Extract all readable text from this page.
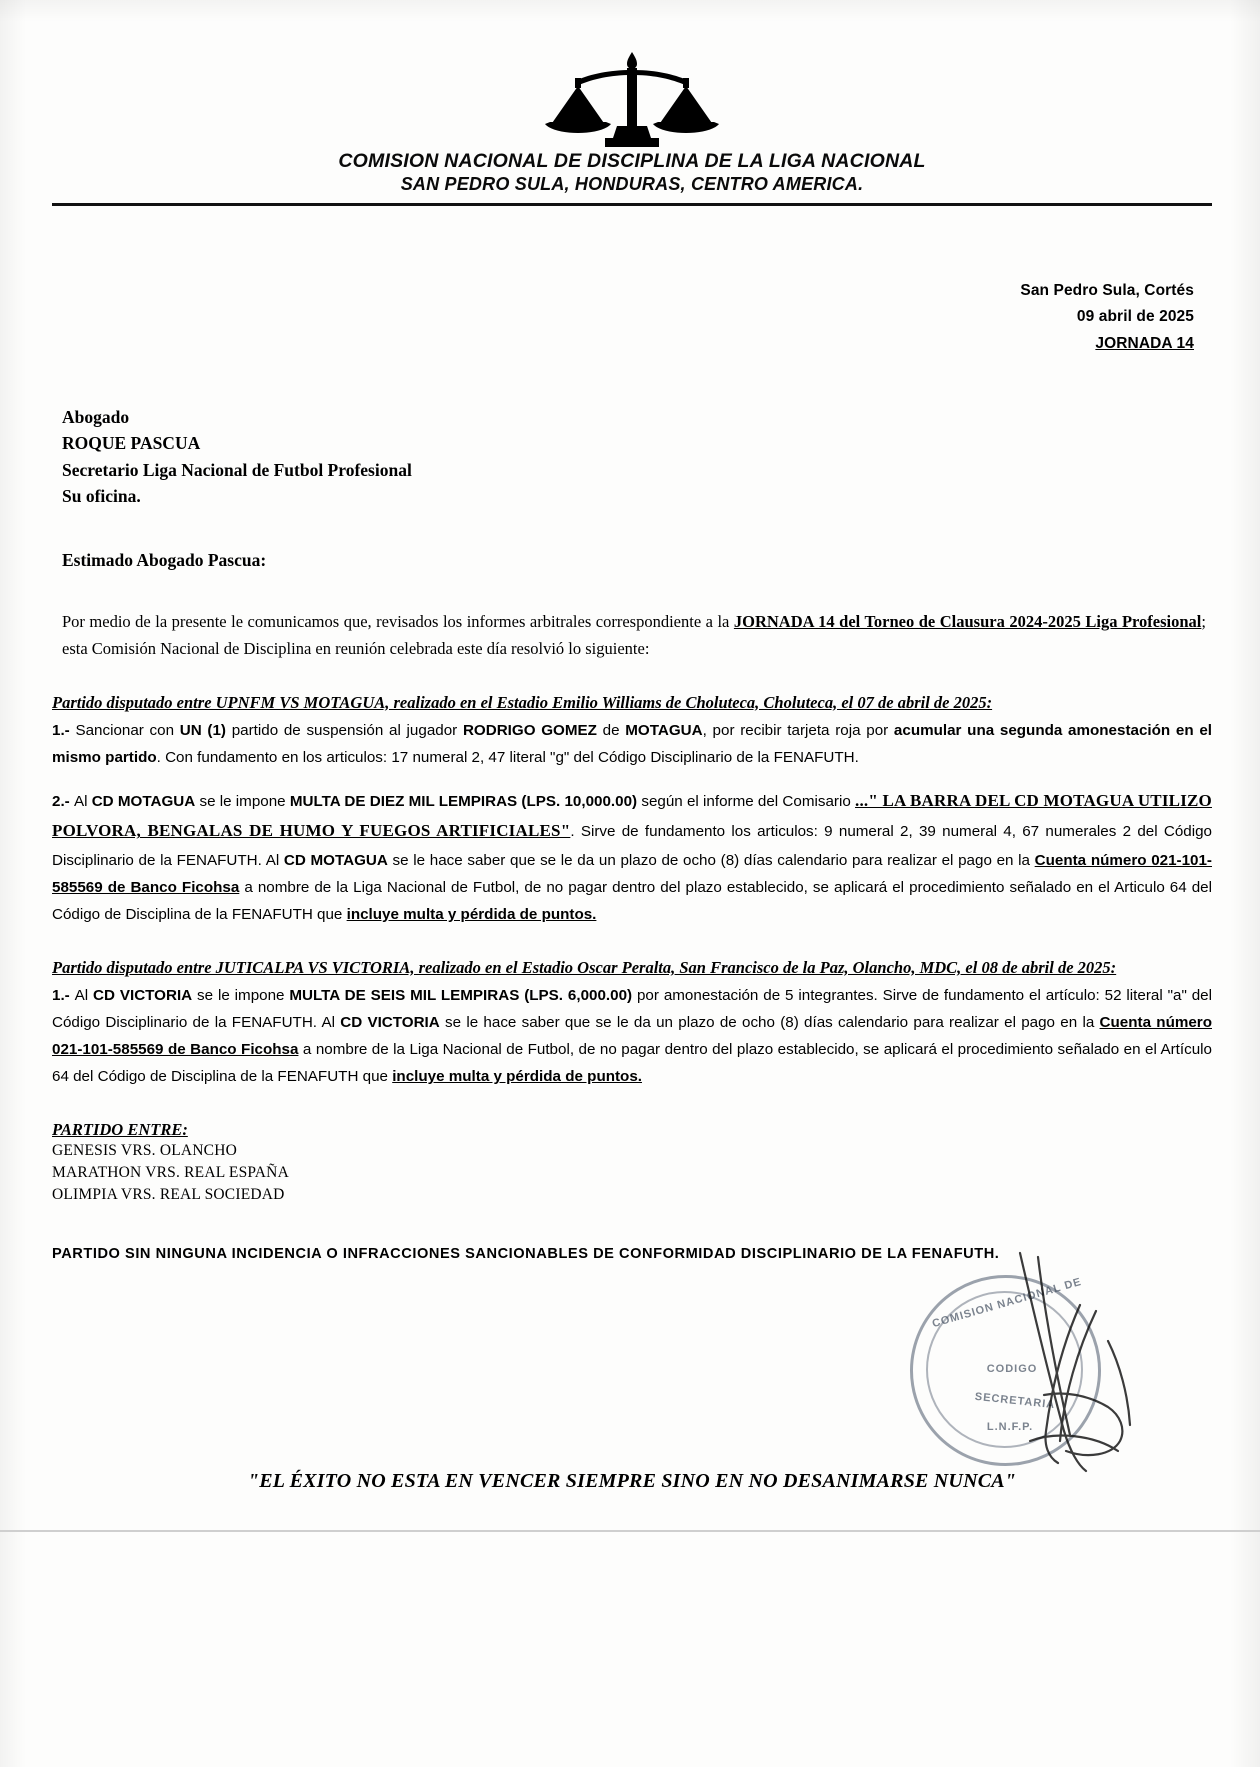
COMISION NACIONAL DE DISCIPLINA DE LA LIGA NACIONAL
SAN PEDRO SULA, HONDURAS, CENTRO AMERICA.
San Pedro Sula, Cortés
09 abril de 2025
JORNADA 14
Abogado
ROQUE PASCUA
Secretario Liga Nacional de Futbol Profesional
Su oficina.
Estimado Abogado Pascua:

Por medio de la presente le comunicamos que, revisados los informes arbitrales correspondiente a la JORNADA 14 del Torneo de Clausura 2024-2025 Liga Profesional; esta Comisión Nacional de Disciplina en reunión celebrada este día resolvió lo siguiente:

Partido disputado entre UPNFM VS MOTAGUA, realizado en el Estadio Emilio Williams de Choluteca, Choluteca, el 07 de abril de 2025:

1.- Sancionar con UN (1) partido de suspensión al jugador RODRIGO GOMEZ de MOTAGUA, por recibir tarjeta roja por acumular una segunda amonestación en el mismo partido. Con fundamento en los articulos: 17 numeral 2, 47 literal "g" del Código Disciplinario de la FENAFUTH.

2.- Al CD MOTAGUA se le impone MULTA DE DIEZ MIL LEMPIRAS (LPS. 10,000.00) según el informe del Comisario ..." LA BARRA DEL CD MOTAGUA UTILIZO POLVORA, BENGALAS DE HUMO Y FUEGOS ARTIFICIALES". Sirve de fundamento los articulos: 9 numeral 2, 39 numeral 4, 67 numerales 2 del Código Disciplinario de la FENAFUTH. Al CD MOTAGUA se le hace saber que se le da un plazo de ocho (8) días calendario para realizar el pago en la Cuenta número 021-101-585569 de Banco Ficohsa a nombre de la Liga Nacional de Futbol, de no pagar dentro del plazo establecido, se aplicará el procedimiento señalado en el Articulo 64 del Código de Disciplina de la FENAFUTH que incluye multa y pérdida de puntos.

Partido disputado entre JUTICALPA VS VICTORIA, realizado en el Estadio Oscar Peralta, San Francisco de la Paz, Olancho, MDC, el 08 de abril de 2025:

1.- Al CD VICTORIA se le impone MULTA DE SEIS MIL LEMPIRAS (LPS. 6,000.00) por amonestación de 5 integrantes. Sirve de fundamento el artículo: 52 literal "a" del Código Disciplinario de la FENAFUTH. Al CD VICTORIA se le hace saber que se le da un plazo de ocho (8) días calendario para realizar el pago en la Cuenta número 021-101-585569 de Banco Ficohsa a nombre de la Liga Nacional de Futbol, de no pagar dentro del plazo establecido, se aplicará el procedimiento señalado en el Artículo 64 del Código de Disciplina de la FENAFUTH que incluye multa y pérdida de puntos.

PARTIDO ENTRE:
GENESIS VRS. OLANCHO
MARATHON VRS. REAL ESPAÑA
OLIMPIA VRS. REAL SOCIEDAD
PARTIDO SIN NINGUNA INCIDENCIA O INFRACCIONES SANCIONABLES DE CONFORMIDAD DISCIPLINARIO DE LA FENAFUTH.
COMISION NACIONAL DE
CODIGO
SECRETARIA
L.N.F.P.
"EL ÉXITO NO ESTA EN VENCER SIEMPRE SINO EN NO DESANIMARSE NUNCA"
